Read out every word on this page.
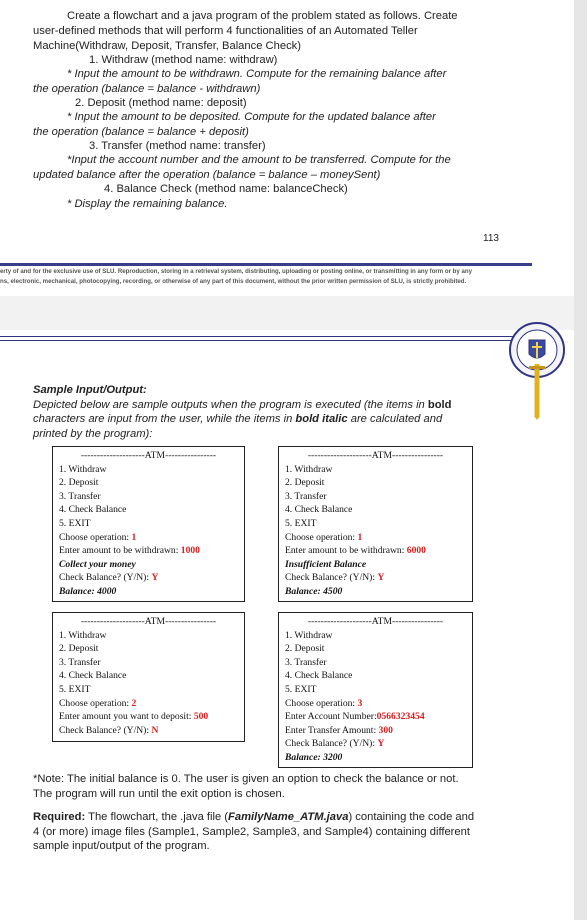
Create a flowchart and a java program of the problem stated as follows. Create
user-defined methods that will perform 4 functionalities of an Automated Teller
Machine(Withdraw, Deposit, Transfer, Balance Check)
1. Withdraw (method name: withdraw)
* Input the amount to be withdrawn. Compute for the remaining balance after
the operation (balance = balance - withdrawn)
2. Deposit (method name: deposit)
* Input the amount to be deposited. Compute for the updated balance after
the operation (balance = balance + deposit)
3. Transfer (method name: transfer)
*Input the account number and the amount to be transferred. Compute for the
updated balance after the operation (balance = balance – moneySent)
4. Balance Check (method name: balanceCheck)
* Display the remaining balance.
113
erty of and for the exclusive use of SLU. Reproduction, storing in a retrieval system, distributing, uploading or posting online, or transmitting in any form or by any
ns, electronic, mechanical, photocopying, recording, or otherwise of any part of this document, without the prior written permission of SLU, is strictly prohibited.
Sample Input/Output:
Depicted below are sample outputs when the program is executed (the items in bold
characters are input from the user, while the items in bold italic are calculated and
printed by the program):
--------------------ATM----------------
1. Withdraw
2. Deposit
3. Transfer
4. Check Balance
5. EXIT
Choose operation: 1
Enter amount to be withdrawn: 1000
Collect your money
Check Balance? (Y/N): Y
Balance: 4000
--------------------ATM----------------
1. Withdraw
2. Deposit
3. Transfer
4. Check Balance
5. EXIT
Choose operation: 1
Enter amount to be withdrawn: 6000
Insufficient Balance
Check Balance? (Y/N): Y
Balance: 4500
--------------------ATM----------------
1. Withdraw
2. Deposit
3. Transfer
4. Check Balance
5. EXIT
Choose operation: 2
Enter amount you want to deposit: 500
Check Balance? (Y/N): N
--------------------ATM----------------
1. Withdraw
2. Deposit
3. Transfer
4. Check Balance
5. EXIT
Choose operation: 3
Enter Account Number:0566323454
Enter Transfer Amount: 300
Check Balance? (Y/N): Y
Balance: 3200
*Note: The initial balance is 0. The user is given an option to check the balance or not.
The program will run until the exit option is chosen.
Required: The flowchart, the .java file (FamilyName_ATM.java) containing the code and
4 (or more) image files (Sample1, Sample2, Sample3, and Sample4) containing different
sample input/output of the program.
